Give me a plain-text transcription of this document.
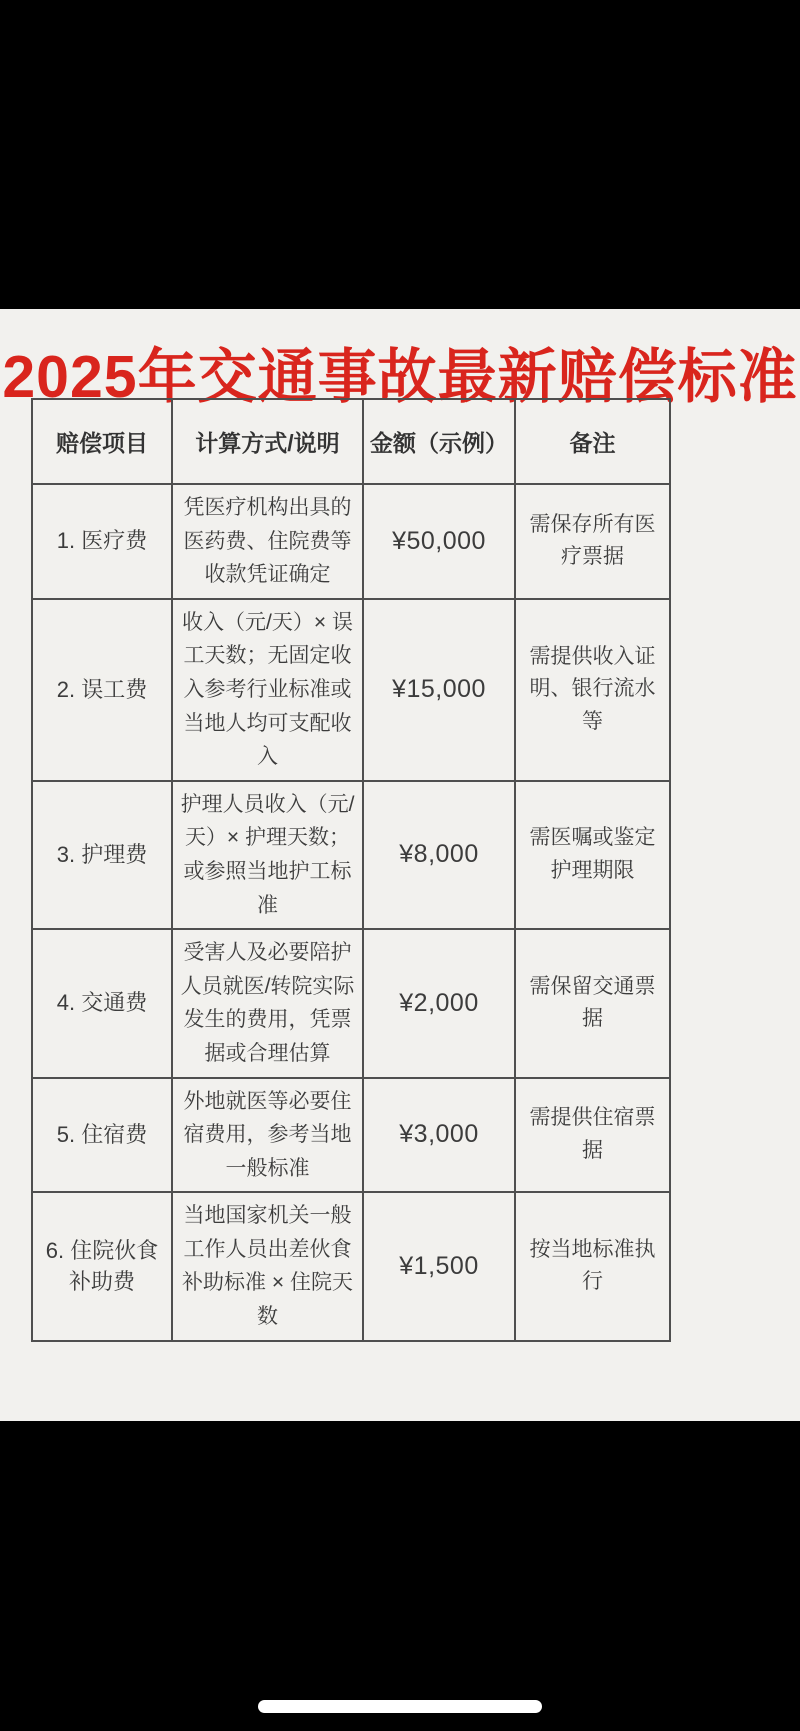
2025年交通事故最新赔偿标准
赔偿项目	计算方式/说明	金额（示例）	备注
1. 医疗费	凭医疗机构出具的医药费、住院费等收款凭证确定	¥50,000	需保存所有医疗票据
2. 误工费	收入（元/天）× 误工天数；无固定收入参考行业标准或当地人均可支配收入	¥15,000	需提供收入证明、银行流水等
3. 护理费	护理人员收入（元/天）× 护理天数；或参照当地护工标准	¥8,000	需医嘱或鉴定护理期限
4. 交通费	受害人及必要陪护人员就医/转院实际发生的费用，凭票据或合理估算	¥2,000	需保留交通票据
5. 住宿费	外地就医等必要住宿费用，参考当地一般标准	¥3,000	需提供住宿票据
6. 住院伙食补助费	当地国家机关一般工作人员出差伙食补助标准 × 住院天数	¥1,500	按当地标准执行
